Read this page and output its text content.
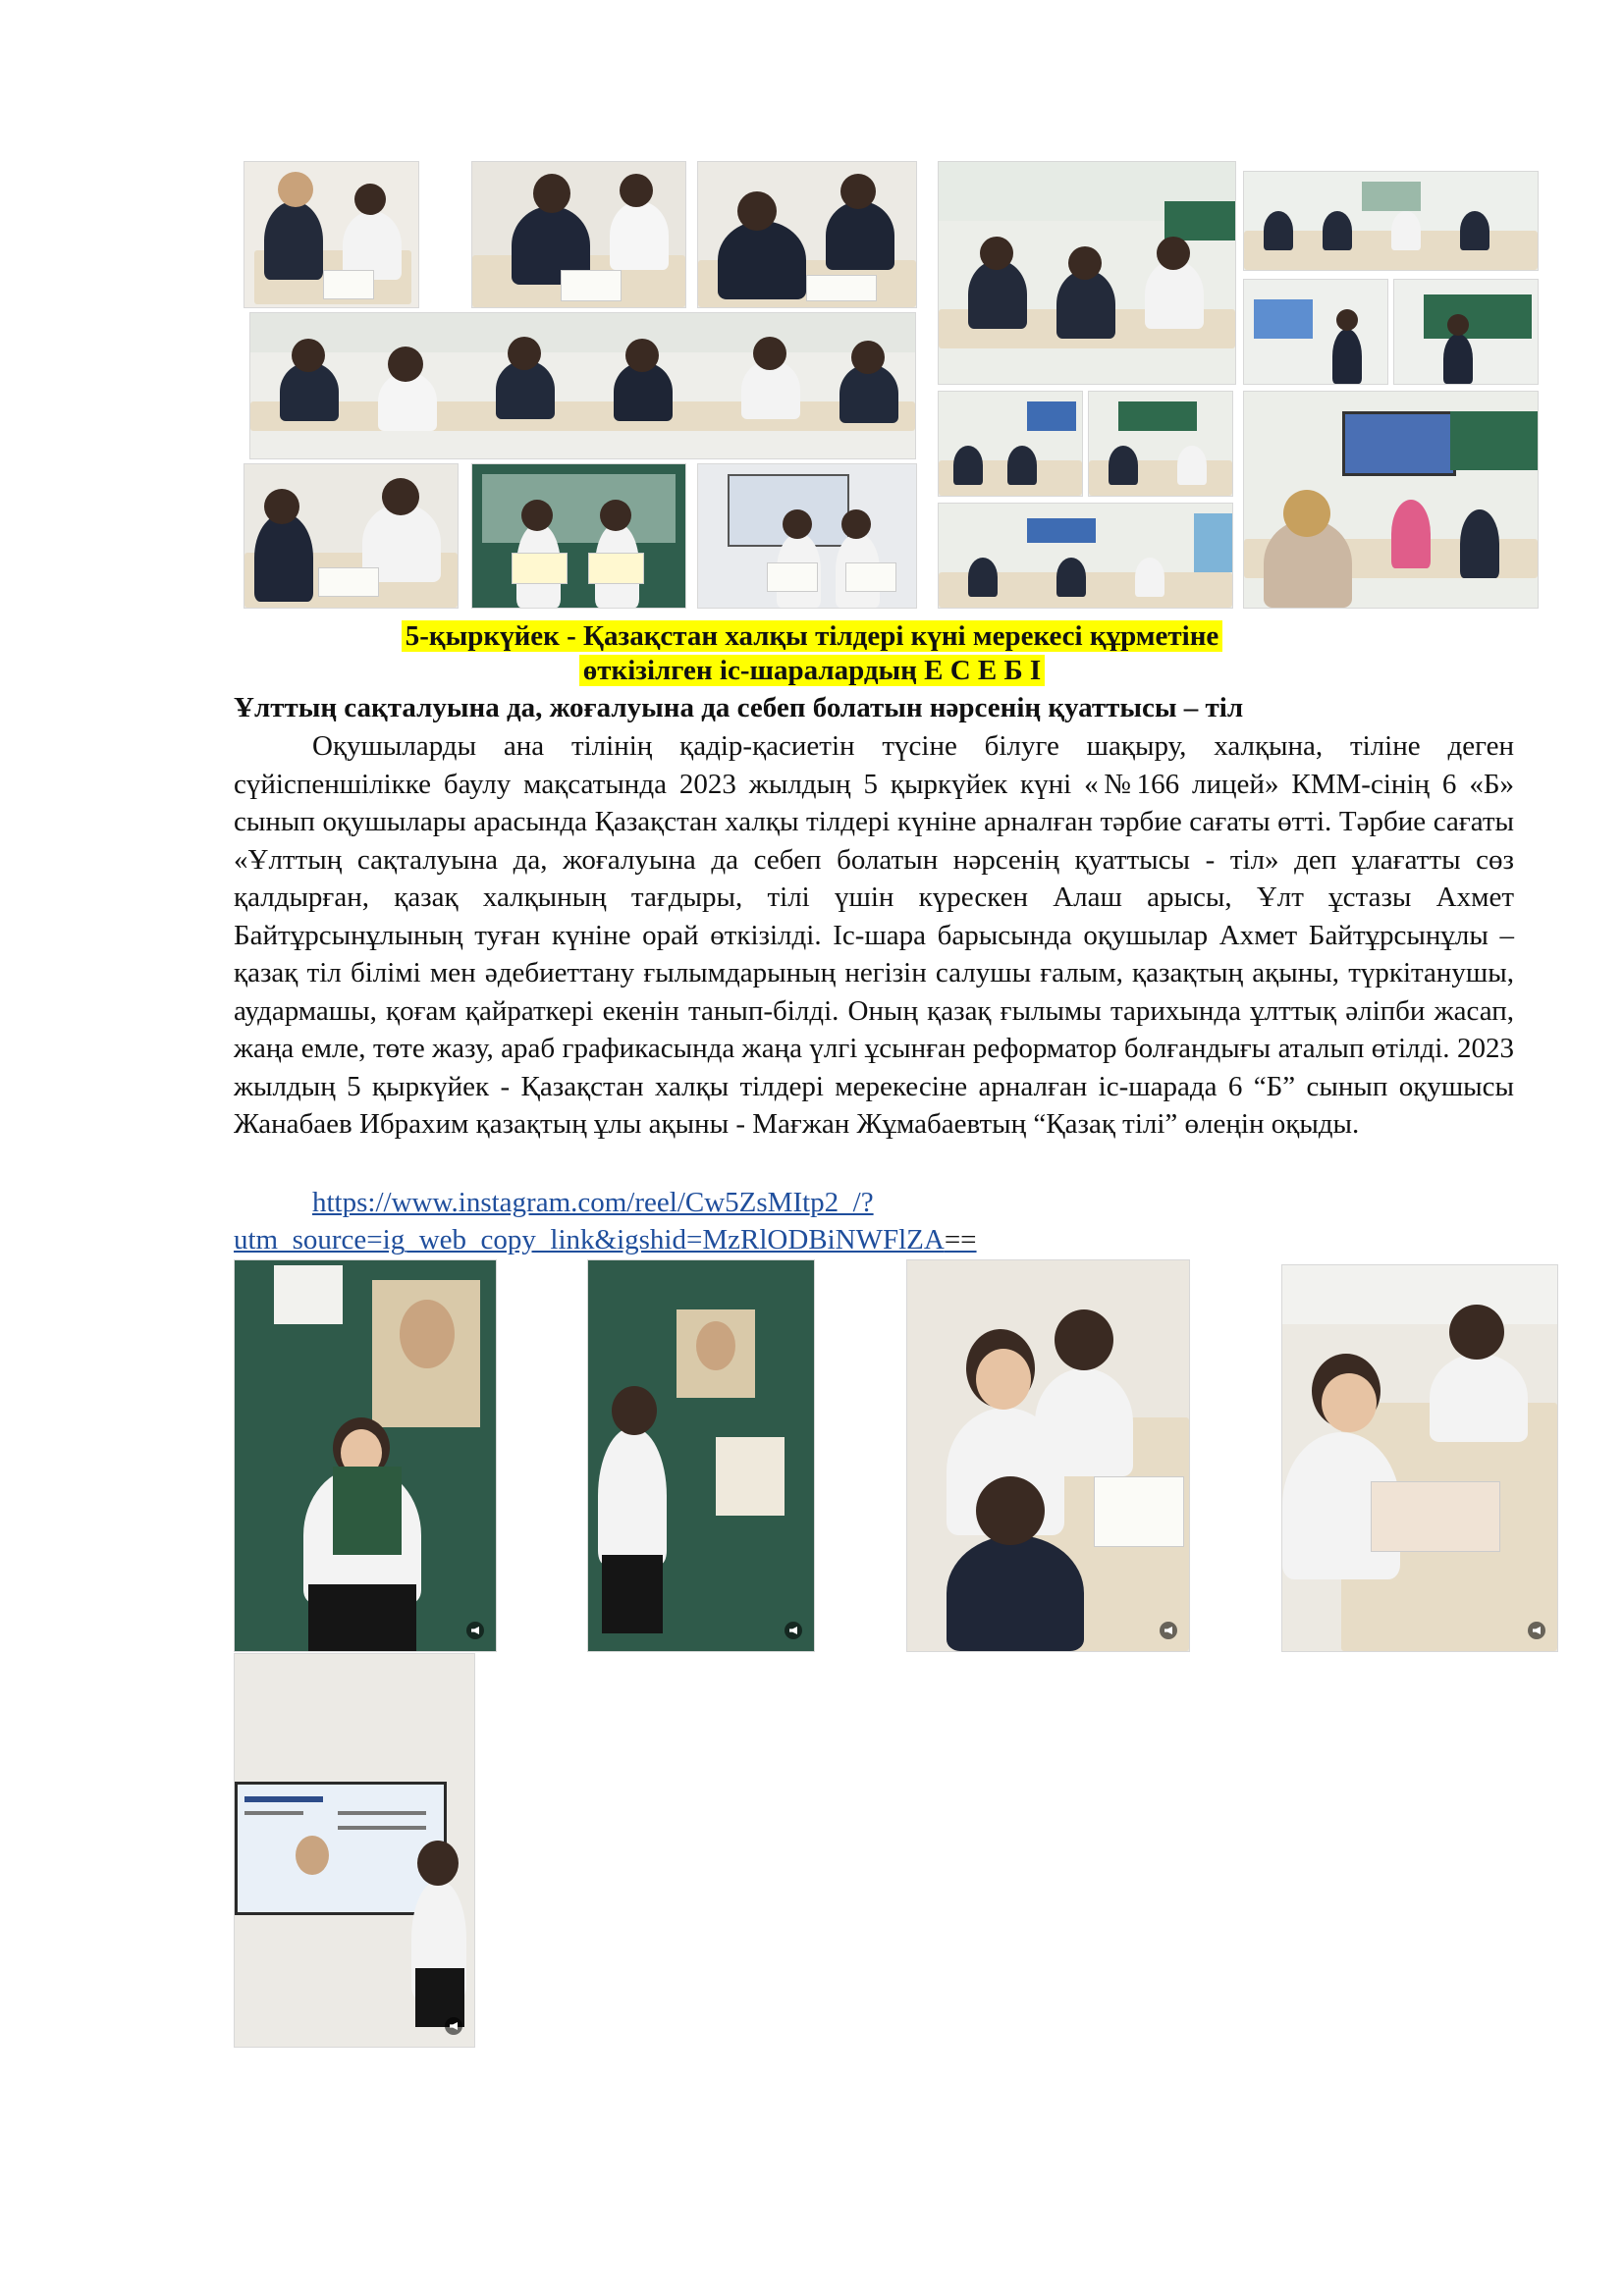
5-қыркүйек - Қазақстан халқы тілдері күні мерекесі құрметіне
өткізілген іс-шаралардың Е С Е Б І
Ұлттың сақталуына да, жоғалуына да себеп болатын нәрсенің қуаттысы – тіл
Оқушыларды ана тілінің қадір-қасиетін түсіне білуге шақыру, халқына, тіліне деген сүйіспеншілікке баулу мақсатында 2023 жылдың 5 қыркүйек күні «№166 лицей» КММ-сінің 6 «Б» сынып оқушылары арасында Қазақстан халқы тілдері күніне арналған тәрбие сағаты өтті. Тәрбие сағаты «Ұлттың сақталуына да, жоғалуына да себеп болатын нәрсенің қуаттысы - тіл» деп ұлағатты сөз қалдырған, қазақ халқының тағдыры, тілі үшін күрескен Алаш арысы, Ұлт ұстазы Ахмет Байтұрсынұлының туған күніне орай өткізілді. Іс-шара барысында оқушылар Ахмет Байтұрсынұлы – қазақ тіл білімі мен әдебиеттану ғылымдарының негізін салушы ғалым, қазақтың ақыны, түркітанушы, аудармашы, қоғам қайраткері екенін танып-білді. Оның қазақ ғылымы тарихында ұлттық әліпби жасап, жаңа емле, төте жазу, араб графикасында жаңа үлгі ұсынған реформатор болғандығы аталып өтілді. 2023 жылдың 5 қыркүйек - Қазақстан халқы тілдері мерекесіне арналған іс-шарада 6 “Б” сынып оқушысы Жанабаев Ибрахим қазақтың ұлы ақыны - Мағжан Жұмабаевтың “Қазақ тілі” өлеңін оқыды.
https://www.instagram.com/reel/Cw5ZsMItp2_/?
utm_source=ig_web_copy_link&igshid=MzRlODBiNWFlZA==
